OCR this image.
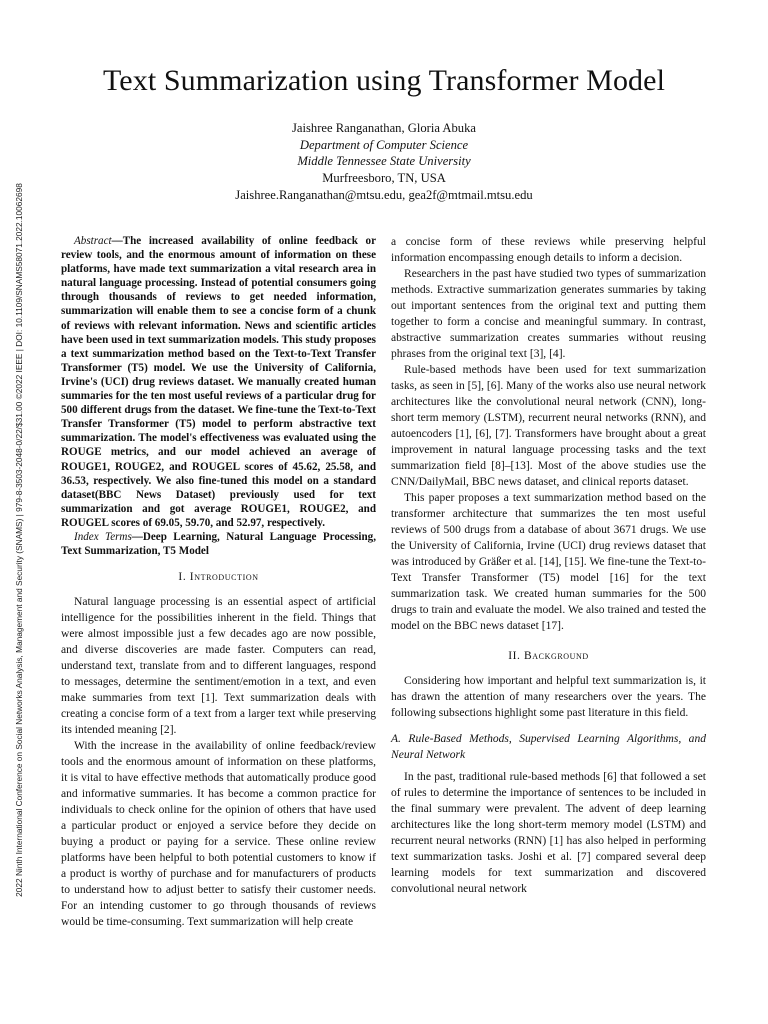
2022 Ninth International Conference on Social Networks Analysis, Management and Security (SNAMS) | 979-8-3503-2048-0/22/$31.00 ©2022 IEEE | DOI: 10.1109/SNAMS58071.2022.10062698
Text Summarization using Transformer Model
Jaishree Ranganathan, Gloria Abuka
Department of Computer Science
Middle Tennessee State University
Murfreesboro, TN, USA
Jaishree.Ranganathan@mtsu.edu, gea2f@mtmail.mtsu.edu

Abstract—The increased availability of online feedback or review tools, and the enormous amount of information on these platforms, have made text summarization a vital research area in natural language processing. Instead of potential consumers going through thousands of reviews to get needed information, summarization will enable them to see a concise form of a chunk of reviews with relevant information. News and scientific articles have been used in text summarization models. This study proposes a text summarization method based on the Text-to-Text Transfer Transformer (T5) model. We use the University of California, Irvine's (UCI) drug reviews dataset. We manually created human summaries for the ten most useful reviews of a particular drug for 500 different drugs from the dataset. We fine-tune the Text-to-Text Transfer Transformer (T5) model to perform abstractive text summarization. The model's effectiveness was evaluated using the ROUGE metrics, and our model achieved an average of ROUGE1, ROUGE2, and ROUGEL scores of 45.62, 25.58, and 36.53, respectively. We also fine-tuned this model on a standard dataset(BBC News Dataset) previously used for text summarization and got average ROUGE1, ROUGE2, and ROUGEL scores of 69.05, 59.70, and 52.97, respectively.

Index Terms—Deep Learning, Natural Language Processing, Text Summarization, T5 Model

I. Introduction

Natural language processing is an essential aspect of artificial intelligence for the possibilities inherent in the field. Things that were almost impossible just a few decades ago are now possible, and diverse discoveries are made faster. Computers can read, understand text, translate from and to different languages, respond to messages, determine the sentiment/emotion in a text, and even make summaries from text [1]. Text summarization deals with creating a concise form of a text from a larger text while preserving its intended meaning [2].

With the increase in the availability of online feedback/review tools and the enormous amount of information on these platforms, it is vital to have effective methods that automatically produce good and informative summaries. It has become a common practice for individuals to check online for the opinion of others that have used a particular product or enjoyed a service before they decide on buying a product or paying for a service. These online review platforms have been helpful to both potential customers to know if a product is worthy of purchase and for manufacturers of products to understand how to adjust better to satisfy their customer needs. For an intending customer to go through thousands of reviews would be time-consuming. Text summarization will help create

a concise form of these reviews while preserving helpful information encompassing enough details to inform a decision.

Researchers in the past have studied two types of summarization methods. Extractive summarization generates summaries by taking out important sentences from the original text and putting them together to form a concise and meaningful summary. In contrast, abstractive summarization creates summaries without reusing phrases from the original text [3], [4].

Rule-based methods have been used for text summarization tasks, as seen in [5], [6]. Many of the works also use neural network architectures like the convolutional neural network (CNN), long-short term memory (LSTM), recurrent neural networks (RNN), and autoencoders [1], [6], [7]. Transformers have brought about a great improvement in natural language processing tasks and the text summarization field [8]–[13]. Most of the above studies use the CNN/DailyMail, BBC news dataset, and clinical reports dataset.

This paper proposes a text summarization method based on the transformer architecture that summarizes the ten most useful reviews of 500 drugs from a database of about 3671 drugs. We use the University of California, Irvine (UCI) drug reviews dataset that was introduced by Gräßer et al. [14], [15]. We fine-tune the Text-to-Text Transfer Transformer (T5) model [16] for the text summarization task. We created human summaries for the 500 drugs to train and evaluate the model. We also trained and tested the model on the BBC news dataset [17].

II. Background

Considering how important and helpful text summarization is, it has drawn the attention of many researchers over the years. The following subsections highlight some past literature in this field.

A. Rule-Based Methods, Supervised Learning Algorithms, and Neural Network

In the past, traditional rule-based methods [6] that followed a set of rules to determine the importance of sentences to be included in the final summary were prevalent. The advent of deep learning architectures like the long short-term memory model (LSTM) and recurrent neural networks (RNN) [1] has also helped in performing text summarization tasks. Joshi et al. [7] compared several deep learning models for text summarization and discovered convolutional neural network
